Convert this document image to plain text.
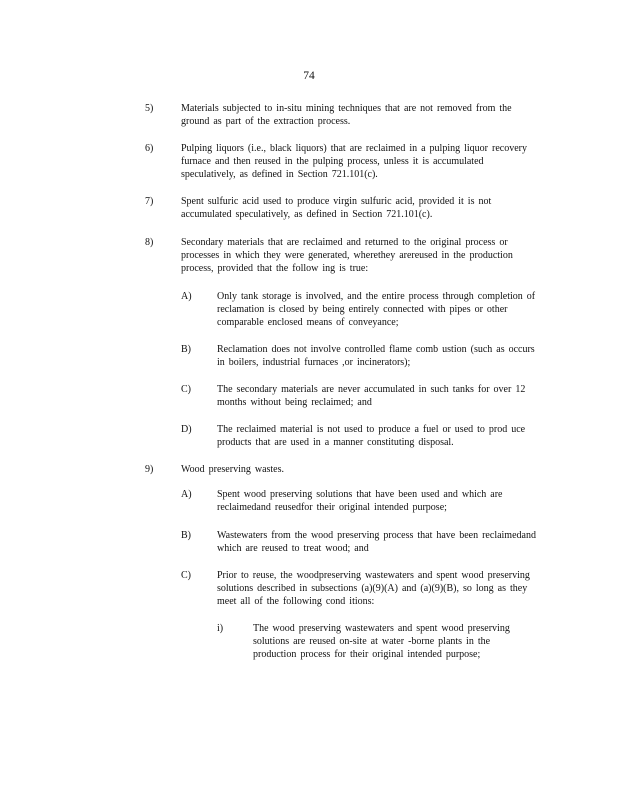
74
5)	Materials subjected to in-situ mining techniques that are not removed from the ground as part of the extraction process.
6)	Pulping liquors (i.e., black liquors) that are reclaimed in a pulping liquor recovery furnace and then reused in the pulping process, unless it is accumulated speculatively, as defined in Section 721.101(c).
7)	Spent sulfuric acid used to produce virgin sulfuric acid, provided it is not accumulated speculatively, as defined in Section 721.101(c).
8)	Secondary materials that are reclaimed and returned to the original process or processes in which they were generated, wherethey arereused in the production process, provided that the follow ing is true:
A)	Only tank storage is involved, and the entire process through completion of reclamation is closed by being entirely connected with pipes or other comparable enclosed means of conveyance;
B)	Reclamation does not involve controlled flame comb ustion (such as occurs in boilers, industrial furnaces ,or incinerators);
C)	The secondary materials are never accumulated in such tanks for over 12 months without being reclaimed; and
D)	The reclaimed material is not used to produce a fuel or used to prod uce products that are used in a manner constituting disposal.
9)	Wood preserving wastes.
A)	Spent wood preserving solutions that have been used and which are reclaimedand reusedfor their original intended purpose;
B)	Wastewaters from the wood preserving process that have been reclaimedand which are reused to treat wood; and
C)	Prior to reuse, the woodpreserving wastewaters and spent wood preserving solutions described in subsections (a)(9)(A) and (a)(9)(B), so long as they meet all of the following cond itions:
i)	The wood preserving wastewaters and spent wood preserving solutions are reused on-site at water -borne plants in the production process for their original intended purpose;
